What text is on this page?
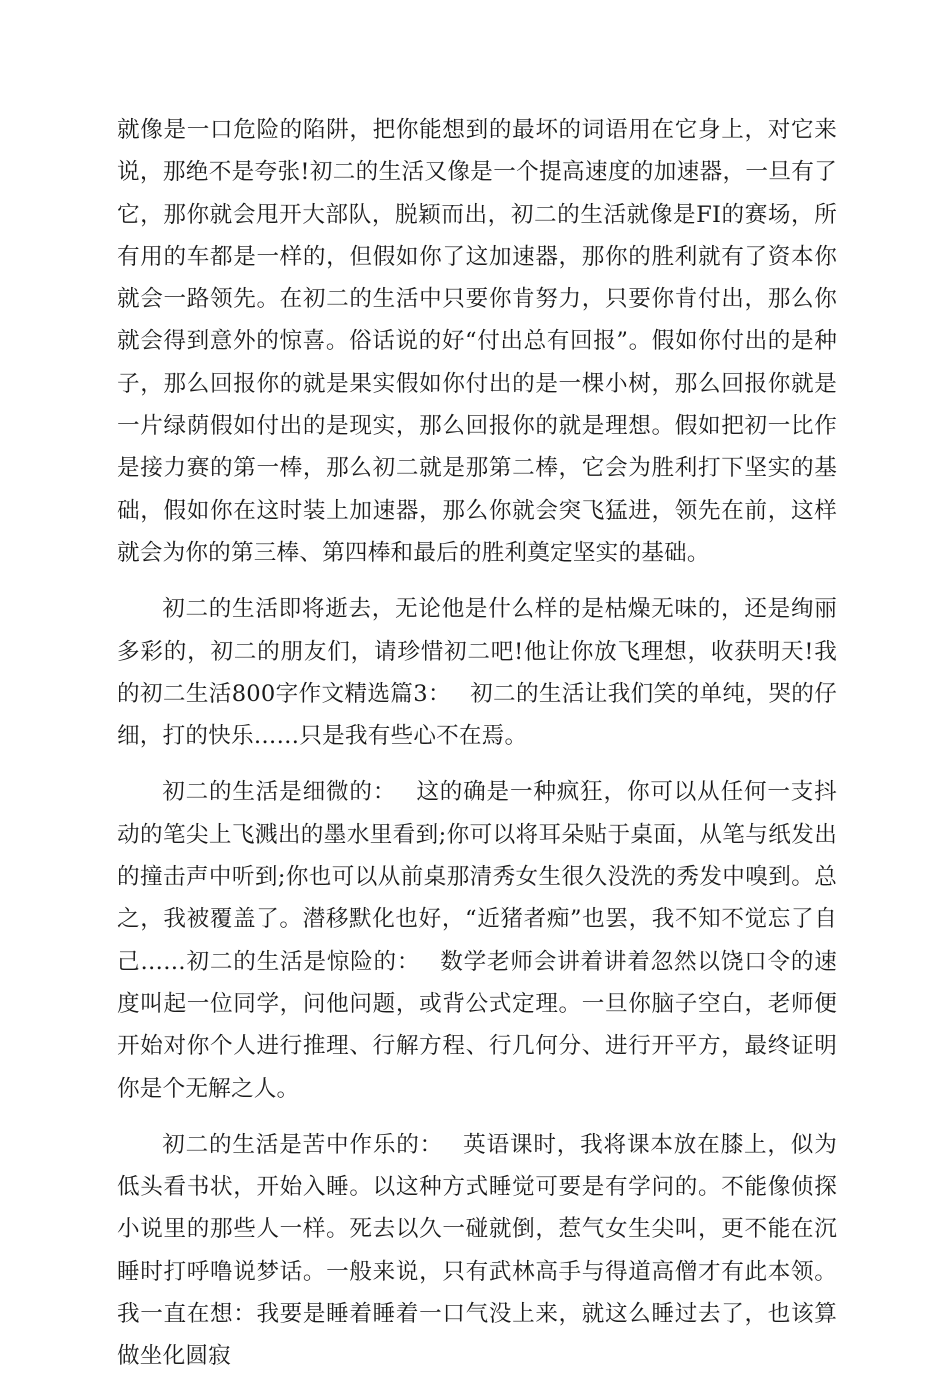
就像是一口危险的陷阱，把你能想到的最坏的词语用在它身上，对它来说，那绝不是夸张!初二的生活又像是一个提高速度的加速器，一旦有了它，那你就会甩开大部队，脱颖而出，初二的生活就像是FI的赛场，所有用的车都是一样的，但假如你了这加速器，那你的胜利就有了资本你就会一路领先。在初二的生活中只要你肯努力，只要你肯付出，那么你就会得到意外的惊喜。俗话说的好“付出总有回报”。假如你付出的是种子，那么回报你的就是果实假如你付出的是一棵小树，那么回报你就是一片绿荫假如付出的是现实，那么回报你的就是理想。假如把初一比作是接力赛的第一棒，那么初二就是那第二棒，它会为胜利打下坚实的基础，假如你在这时装上加速器，那么你就会突飞猛进，领先在前，这样就会为你的第三棒、第四棒和最后的胜利奠定坚实的基础。

初二的生活即将逝去，无论他是什么样的是枯燥无味的，还是绚丽多彩的，初二的朋友们，请珍惜初二吧!他让你放飞理想，收获明天!我的初二生活800字作文精选篇3：　 初二的生活让我们笑的单纯，哭的仔细，打的快乐……只是我有些心不在焉。

初二的生活是细微的：　 这的确是一种疯狂，你可以从任何一支抖动的笔尖上飞溅出的墨水里看到;你可以将耳朵贴于桌面，从笔与纸发出的撞击声中听到;你也可以从前桌那清秀女生很久没洗的秀发中嗅到。总之，我被覆盖了。潜移默化也好，“近猪者痴”也罢，我不知不觉忘了自己……初二的生活是惊险的：　 数学老师会讲着讲着忽然以饶口令的速度叫起一位同学，问他问题，或背公式定理。一旦你脑子空白，老师便开始对你个人进行推理、行解方程、行几何分、进行开平方，最终证明你是个无解之人。

初二的生活是苦中作乐的：　 英语课时，我将课本放在膝上，似为低头看书状，开始入睡。以这种方式睡觉可要是有学问的。不能像侦探小说里的那些人一样。死去以久一碰就倒，惹气女生尖叫，更不能在沉睡时打呼噜说梦话。一般来说，只有武林高手与得道高僧才有此本领。我一直在想：我要是睡着睡着一口气没上来，就这么睡过去了，也该算做坐化圆寂
